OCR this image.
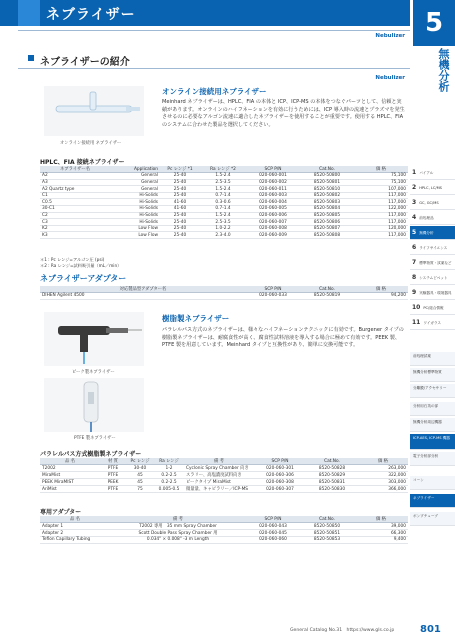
ネブライザー	5
無機分析
Nebulizer
ネブライザーの紹介
Nebulizer
オンライン接続用 ネブライザー
オンライン接続用ネブライザー
Meinhard ネブライザーは、HPLC、FIA の本体と ICP、ICP-MS の本体をつなぐパーツとして、信頼と実績があります。オンラインのハイフネーションを有効に行うためには、ICP 導入時の流速とプラズマを発生させるのに必要なアルゴン流速に適合したネブライザーを使用することが重要です。使用する HPLC、FIA のシステムに合わせた製品を選択してください。
HPLC、FIA 接続ネブライザー
ネブライザー名	Application	Pc レンジ *1	Ra レンジ *2	SCP P/N	Cat.No.	価 格
A2	General	25-40	1.5-2.4	020-060-001	8520-50800	75,100
A3	General	25-40	2.5-3.5	020-060-002	8520-50801	75,100
A2 Quartz type	General	25-40	1.5-2.4	020-060-011	8520-50810	107,000
C1	Hi-Solids	25-40	0.7-1.4	020-060-003	8520-50802	117,000
C0.5	Hi-Solids	41-60	0.3-0.6	020-060-004	8520-50803	117,000
30-C1	Hi-Solids	41-60	0.7-1.4	020-060-005	8520-50804	122,000
C2	Hi-Solids	25-40	1.5-2.4	020-060-006	8520-50805	117,000
C3	Hi-Solids	25-40	2.5-3.5	020-060-007	8520-50806	117,000
K2	Low Flow	25-40	1.0-2.2	020-060-008	8520-50807	120,000
K3	Low Flow	25-40	2.3-4.0	020-060-009	8520-50808	117,000
＊1 : Pc レンジ=アルゴン圧 (psi)
＊2 : Ra レンジ=試料吸引量（mL／min）
ネブライザーアダプター
対応製品型アダプター名	SCP P/N	Cat.No.	価 格
DIHEN Agilent 4500	020-060-033	8520-50819	94,200
ピーク製ネブライザー
PTFE 製ネブライザー
樹脂製ネブライザー
パラレルパス方式のネブライザーは、様々なハイフネーションテクニックに有効です。Burgener タイプの樹脂製ネブライザーは、耐腐食性が高く、腐食性試料溶液を導入する場合に極めて有効です。PEEK 製、PTFE 製を用意しています。Meinhard タイプと互換性があり、簡単に交換可能です。
パラレルパス方式樹脂製ネブライザー
品 名	材 質	Pc レンジ	Ra レンジ	備 考	SCP P/N	Cat.No.	価 格
T2002	PTFE	30-40	1-2	Cyclonic Spray Chamber 向き	020-060-301	8520-50828	263,000
MiraMist	PTFE	45	0.2-2.5	スラリー、高塩濃度試料向き	020-060-306	8520-50829	322,000
PEEK MiraMIST	PEEK	45	0.2-2.5	ピークタイプ MiraMist	020-060-308	8520-50831	303,000
AriMist	PTFE	75	0.005-0.5	微量量、キャピラリー／ICP-MS	020-060-307	8520-50830	366,000
専用アダプター
品 名	備 考	SCP P/N	Cat.No.	価 格
Adapter 1	T2002 専用　35 mm Spray Chamber	020-060-043	8520-50850	39,000
Adapter 2	Scott Double Pass Spray Chamber 用	020-060-045	8520-50851	66,300
Teflon Capillary Tubing	0.034" × 0.008" -3 m Length	020-060-060	8520-50853	9,400
1 バイアル
2 HPLC, LC/MS
3 GC, GC/MS
4 前処理品
5 無機分析
6 ライフサイエンス
7 標準物質・試薬など
8 システムピペット
9 実験器具・環境器具
10 PC/総合情報
11 ワイガラス
前処理試薬
無機分析標準物質
分離膜/アクセサリー
分析用石英の部
無機分析周辺機器
ICP-AES, ICP-MS 機器
電子分析部分析
コーン
ネブライザー
ポンプチューブ
General Catalog No.31 https://www.gls.co.jp	801
